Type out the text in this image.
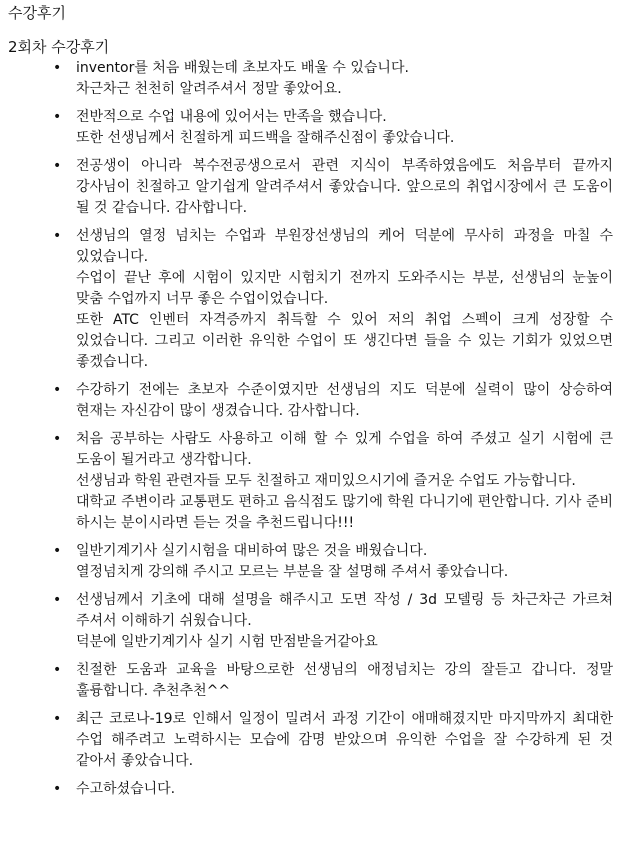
수강후기
2회차 수강후기
• inventor를 처음 배웠는데 초보자도 배울 수 있습니다.

차근차근 천천히 알려주셔서 정말 좋았어요.

• 전반적으로 수업 내용에 있어서는 만족을 했습니다.

또한 선생님께서 친절하게 피드백을 잘해주신점이 좋았습니다.

• 전공생이 아니라 복수전공생으로서 관련 지식이 부족하였음에도 처음부터 끝까지 강사님이 친절하고 알기쉽게 알려주셔서 좋았습니다. 앞으로의 취업시장에서 큰 도움이 될 것 같습니다. 감사합니다.

• 선생님의 열정 넘치는 수업과 부원장선생님의 케어 덕분에 무사히 과정을 마칠 수 있었습니다.

수업이 끝난 후에 시험이 있지만 시험치기 전까지 도와주시는 부분, 선생님의 눈높이 맞춤 수업까지 너무 좋은 수업이었습니다.

또한 ATC 인벤터 자격증까지 취득할 수 있어 저의 취업 스펙이 크게 성장할 수 있었습니다. 그리고 이러한 유익한 수업이 또 생긴다면 들을 수 있는 기회가 있었으면 좋겠습니다.

• 수강하기 전에는 초보자 수준이였지만 선생님의 지도 덕분에 실력이 많이 상승하여 현재는 자신감이 많이 생겼습니다. 감사합니다.

• 처음 공부하는 사람도 사용하고 이해 할 수 있게 수업을 하여 주셨고 실기 시험에 큰 도움이 될거라고 생각합니다.

선생님과 학원 관련자들 모두 친절하고 재미있으시기에 즐거운 수업도 가능합니다.

대학교 주변이라 교통편도 편하고 음식점도 많기에 학원 다니기에 편안합니다. 기사 준비 하시는 분이시라면 듣는 것을 추천드립니다!!!

• 일반기계기사 실기시험을 대비하여 많은 것을 배웠습니다.

열정넘치게 강의해 주시고 모르는 부분을 잘 설명해 주셔서 좋았습니다.

• 선생님께서 기초에 대해 설명을 해주시고 도면 작성 / 3d 모델링 등 차근차근 가르쳐 주셔서 이해하기 쉬웠습니다.

덕분에 일반기계기사 실기 시험 만점받을거같아요

• 친절한 도움과 교육을 바탕으로한 선생님의 애정넘치는 강의 잘듣고 갑니다. 정말 훌륭합니다. 추천추천^^

• 최근 코로나-19로 인해서 일정이 밀려서 과정 기간이 애매해졌지만 마지막까지 최대한 수업 해주려고 노력하시는 모습에 감명 받았으며 유익한 수업을 잘 수강하게 된 것 같아서 좋았습니다.

• 수고하셨습니다.
